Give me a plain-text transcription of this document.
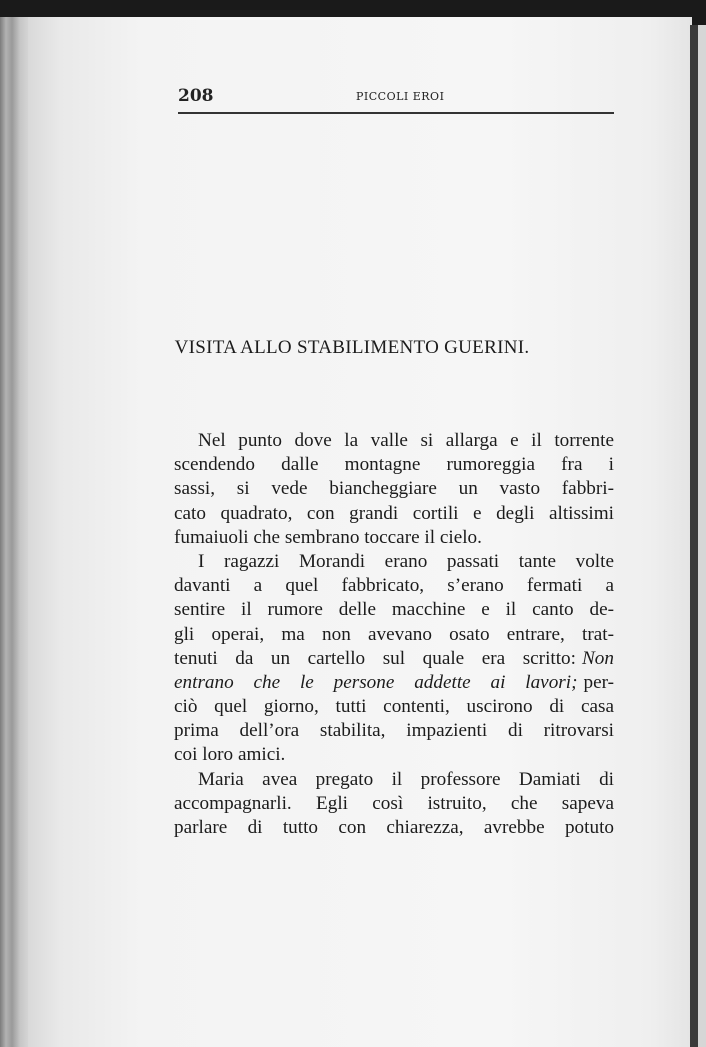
208	PICCOLI EROI
VISITA ALLO STABILIMENTO GUERINI.
Nel punto dove la valle si allarga e il torrente
scendendo dalle montagne rumoreggia fra i
sassi, si vede biancheggiare un vasto fabbri-
cato quadrato, con grandi cortili e degli altissimi
fumaiuoli che sembrano toccare il cielo.
I ragazzi Morandi erano passati tante volte
davanti a quel fabbricato, s’erano fermati a
sentire il rumore delle macchine e il canto de-
gli operai, ma non avevano osato entrare, trat-
tenuti da un cartello sul quale era scritto: Non
entrano che le persone addette ai lavori; per-
ciò quel giorno, tutti contenti, uscirono di casa
prima dell’ora stabilita, impazienti di ritrovarsi
coi loro amici.
Maria avea pregato il professore Damiati di
accompagnarli. Egli così istruito, che sapeva
parlare di tutto con chiarezza, avrebbe potuto
